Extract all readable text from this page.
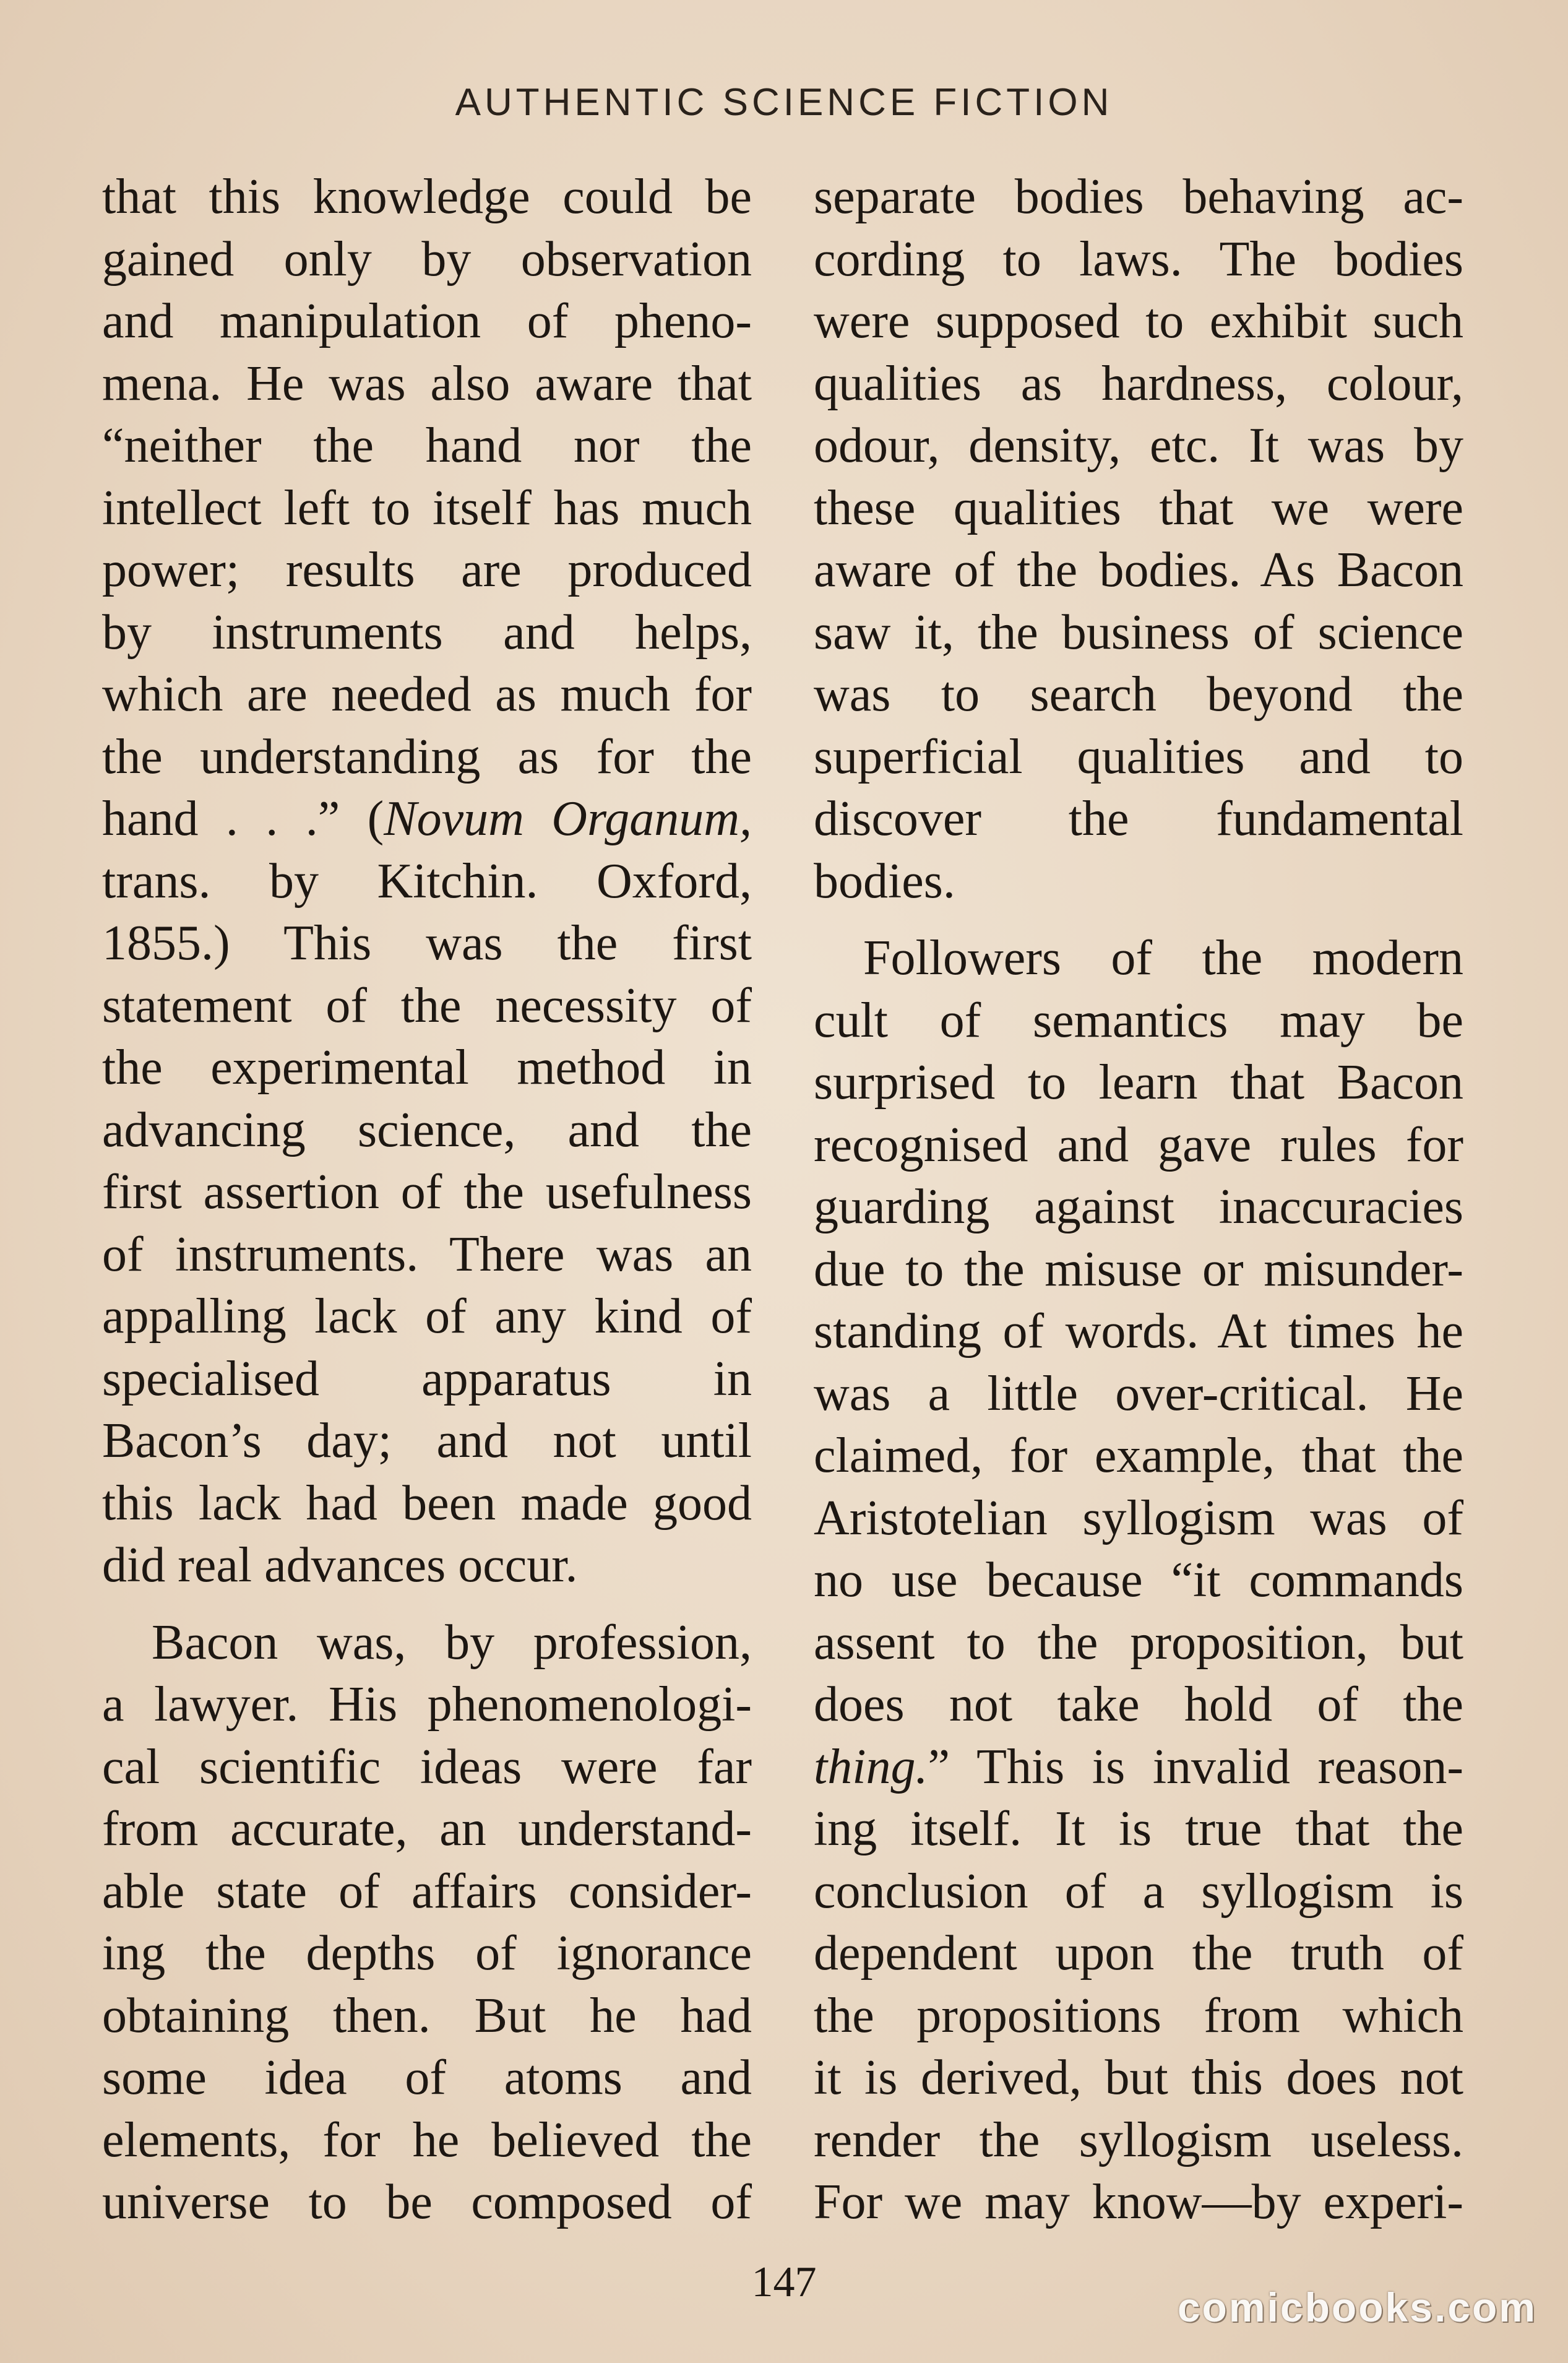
AUTHENTIC SCIENCE FICTION
that this knowledge could be
gained only by observation
and manipulation of pheno-
mena. He was also aware that
“neither the hand nor the
intellect left to itself has much
power; results are produced
by instruments and helps,
which are needed as much for
the understanding as for the
hand . . .” (Novum Organum,
trans. by Kitchin. Oxford,
1855.) This was the first
statement of the necessity of
the experimental method in
advancing science, and the
first assertion of the usefulness
of instruments. There was an
appalling lack of any kind of
specialised apparatus in
Bacon’s day; and not until
this lack had been made good
did real advances occur.
Bacon was, by profession,
a lawyer. His phenomenologi-
cal scientific ideas were far
from accurate, an understand-
able state of affairs consider-
ing the depths of ignorance
obtaining then. But he had
some idea of atoms and
elements, for he believed the
universe to be composed of
separate bodies behaving ac-
cording to laws. The bodies
were supposed to exhibit such
qualities as hardness, colour,
odour, density, etc. It was by
these qualities that we were
aware of the bodies. As Bacon
saw it, the business of science
was to search beyond the
superficial qualities and to
discover the fundamental
bodies.
Followers of the modern
cult of semantics may be
surprised to learn that Bacon
recognised and gave rules for
guarding against inaccuracies
due to the misuse or misunder-
standing of words. At times he
was a little over-critical. He
claimed, for example, that the
Aristotelian syllogism was of
no use because “it commands
assent to the proposition, but
does not take hold of the
thing.” This is invalid reason-
ing itself. It is true that the
conclusion of a syllogism is
dependent upon the truth of
the propositions from which
it is derived, but this does not
render the syllogism useless.
For we may know—by experi-
147
comicbooks.com
